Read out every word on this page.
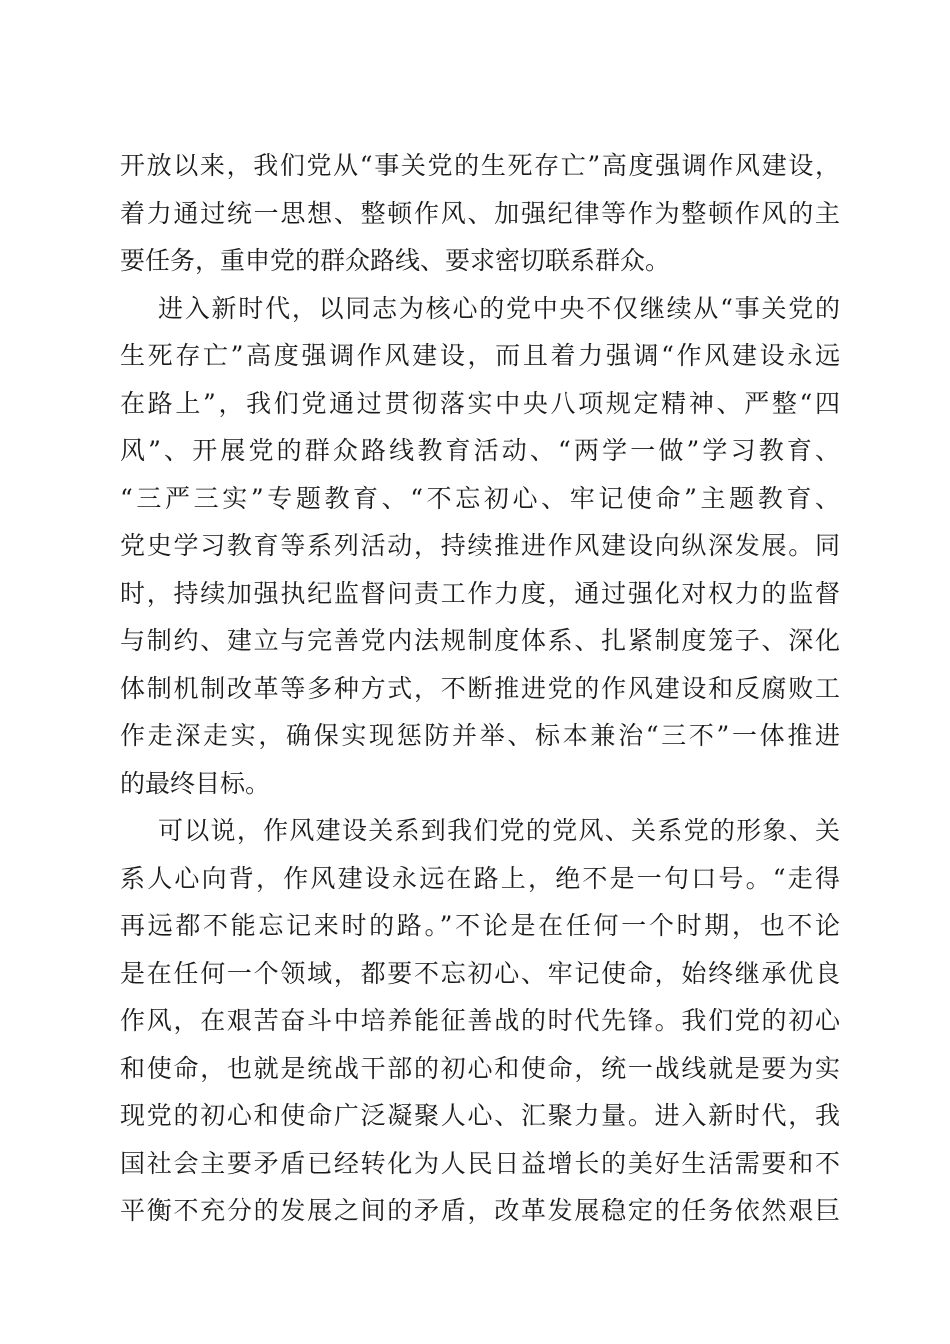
开放以来，我们党从“事关党的生死存亡”高度强调作风建设，
着力通过统一思想、整顿作风、加强纪律等作为整顿作风的主
要任务，重申党的群众路线、要求密切联系群众。
进入新时代，以同志为核心的党中央不仅继续从“事关党的
生死存亡”高度强调作风建设，而且着力强调“作风建设永远
在路上”，我们党通过贯彻落实中央八项规定精神、严整“四
风”、开展党的群众路线教育活动、“两学一做”学习教育、
“三严三实”专题教育、“不忘初心、牢记使命”主题教育、
党史学习教育等系列活动，持续推进作风建设向纵深发展。同
时，持续加强执纪监督问责工作力度，通过强化对权力的监督
与制约、建立与完善党内法规制度体系、扎紧制度笼子、深化
体制机制改革等多种方式，不断推进党的作风建设和反腐败工
作走深走实，确保实现惩防并举、标本兼治“三不”一体推进
的最终目标。
可以说，作风建设关系到我们党的党风、关系党的形象、关
系人心向背，作风建设永远在路上，绝不是一句口号。“走得
再远都不能忘记来时的路。”不论是在任何一个时期，也不论
是在任何一个领域，都要不忘初心、牢记使命，始终继承优良
作风，在艰苦奋斗中培养能征善战的时代先锋。我们党的初心
和使命，也就是统战干部的初心和使命，统一战线就是要为实
现党的初心和使命广泛凝聚人心、汇聚力量。进入新时代，我
国社会主要矛盾已经转化为人民日益增长的美好生活需要和不
平衡不充分的发展之间的矛盾，改革发展稳定的任务依然艰巨
